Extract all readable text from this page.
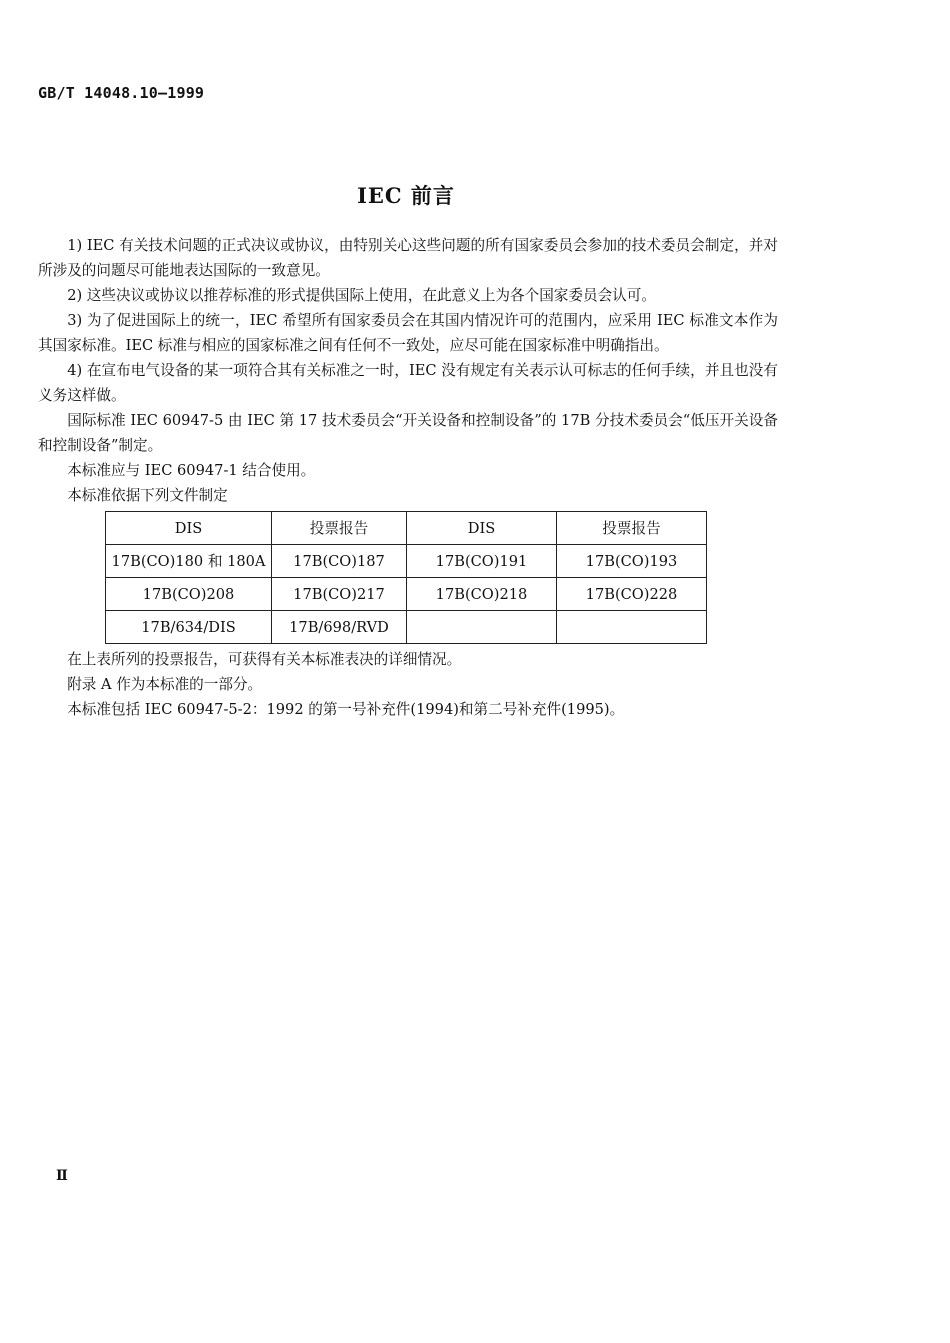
GB/T 14048.10—1999
IEC 前言

1) IEC 有关技术问题的正式决议或协议，由特别关心这些问题的所有国家委员会参加的技术委员会制定，并对所涉及的问题尽可能地表达国际的一致意见。

2) 这些决议或协议以推荐标准的形式提供国际上使用，在此意义上为各个国家委员会认可。

3) 为了促进国际上的统一，IEC 希望所有国家委员会在其国内情况许可的范围内，应采用 IEC 标准文本作为其国家标准。IEC 标准与相应的国家标准之间有任何不一致处，应尽可能在国家标准中明确指出。

4) 在宣布电气设备的某一项符合其有关标准之一时，IEC 没有规定有关表示认可标志的任何手续，并且也没有义务这样做。

国际标准 IEC 60947-5 由 IEC 第 17 技术委员会“开关设备和控制设备”的 17B 分技术委员会“低压开关设备和控制设备”制定。

本标准应与 IEC 60947-1 结合使用。

本标准依据下列文件制定

DIS	投票报告	DIS	投票报告
17B(CO)180 和 180A	17B(CO)187	17B(CO)191	17B(CO)193
17B(CO)208	17B(CO)217	17B(CO)218	17B(CO)228
17B/634/DIS	17B/698/RVD		

在上表所列的投票报告，可获得有关本标准表决的详细情况。

附录 A 作为本标准的一部分。

本标准包括 IEC 60947-5-2：1992 的第一号补充件(1994)和第二号补充件(1995)。

Ⅱ
